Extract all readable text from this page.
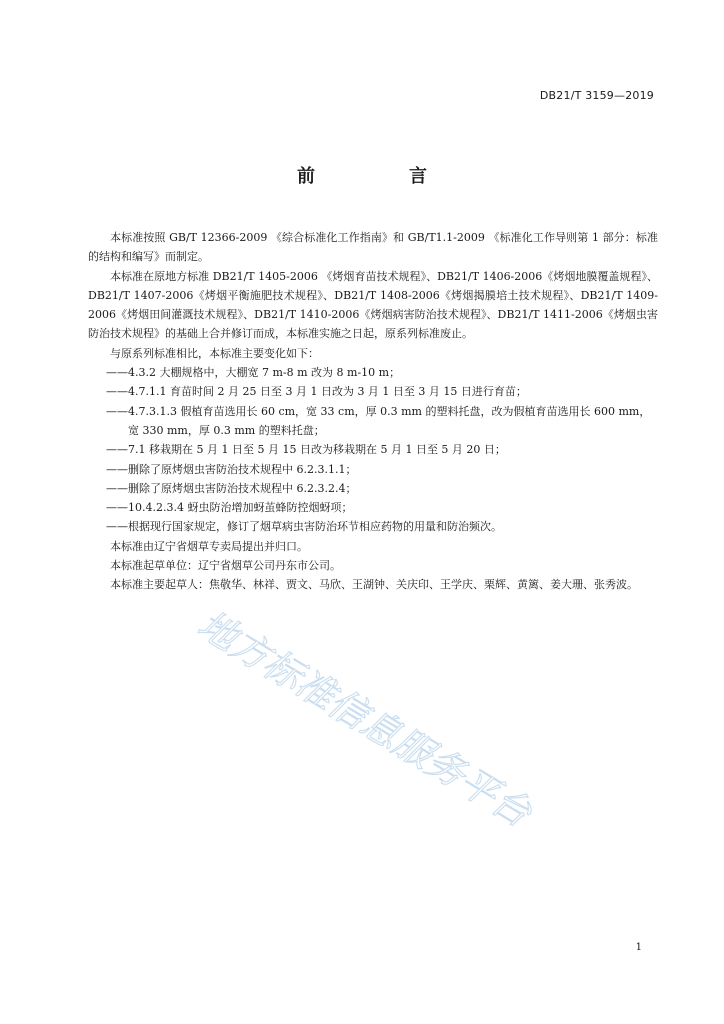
DB21/T 3159—2019
前　言

本标准按照 GB/T 12366-2009 《综合标准化工作指南》和 GB/T1.1-2009 《标准化工作导则第 1 部分：标准的结构和编写》而制定。

本标准在原地方标准 DB21/T 1405-2006 《烤烟育苗技术规程》、DB21/T 1406-2006《烤烟地膜覆盖规程》、DB21/T 1407-2006《烤烟平衡施肥技术规程》、DB21/T 1408-2006《烤烟揭膜培土技术规程》、DB21/T 1409-2006《烤烟田间灌溉技术规程》、DB21/T 1410-2006《烤烟病害防治技术规程》、DB21/T 1411-2006《烤烟虫害防治技术规程》的基础上合并修订而成，本标准实施之日起，原系列标准废止。

与原系列标准相比，本标准主要变化如下：

——4.3.2 大棚规格中，大棚宽 7 m-8 m 改为 8 m-10 m；

——4.7.1.1 育苗时间 2 月 25 日至 3 月 1 日改为 3 月 1 日至 3 月 15 日进行育苗；

——4.7.3.1.3 假植育苗选用长 60 cm，宽 33 cm，厚 0.3 mm 的塑料托盘，改为假植育苗选用长 600 mm，宽 330 mm，厚 0.3 mm 的塑料托盘；

——7.1 移栽期在 5 月 1 日至 5 月 15 日改为移栽期在 5 月 1 日至 5 月 20 日；

——删除了原烤烟虫害防治技术规程中 6.2.3.1.1；

——删除了原烤烟虫害防治技术规程中 6.2.3.2.4；

——10.4.2.3.4 蚜虫防治增加蚜茧蜂防控烟蚜项；

——根据现行国家规定，修订了烟草病虫害防治环节相应药物的用量和防治频次。

本标准由辽宁省烟草专卖局提出并归口。

本标准起草单位：辽宁省烟草公司丹东市公司。

本标准主要起草人：焦敬华、林祥、贾文、马欣、王湖钟、关庆印、王学庆、栗辉、黄篱、姜大珊、张秀波。

地方标准信息服务平台
1
